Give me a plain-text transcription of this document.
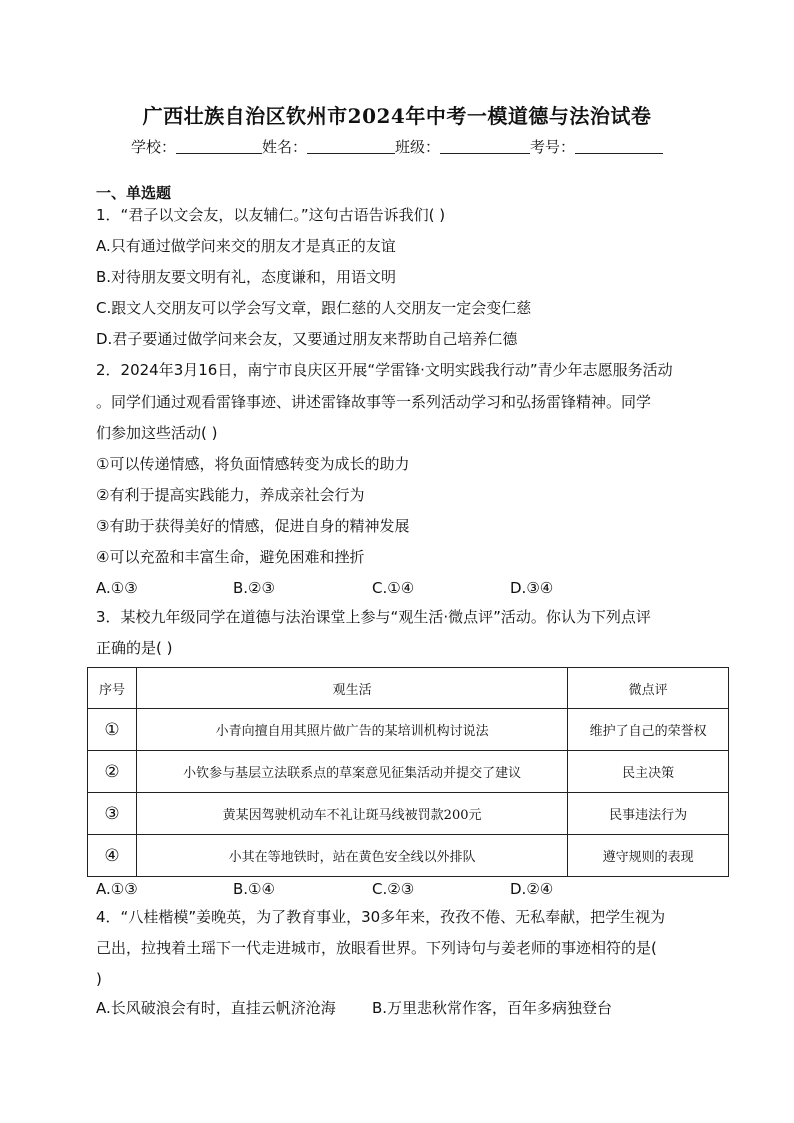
广西壮族自治区钦州市2024年中考一模道德与法治试卷
学校：	姓名：	班级：	考号：
一、单选题
1．“君子以文会友，以友辅仁。”这句古语告诉我们( )
A.只有通过做学问来交的朋友才是真正的友谊
B.对待朋友要文明有礼，态度谦和，用语文明
C.跟文人交朋友可以学会写文章，跟仁慈的人交朋友一定会变仁慈
D.君子要通过做学问来会友，又要通过朋友来帮助自己培养仁德
2．2024年3月16日，南宁市良庆区开展“学雷锋·文明实践我行动”青少年志愿服务活动
。同学们通过观看雷锋事迹、讲述雷锋故事等一系列活动学习和弘扬雷锋精神。同学
们参加这些活动( )
①可以传递情感，将负面情感转变为成长的助力
②有利于提高实践能力，养成亲社会行为
③有助于获得美好的情感，促进自身的精神发展
④可以充盈和丰富生命，避免困难和挫折
A.①③	B.②③	C.①④	D.③④
3．某校九年级同学在道德与法治课堂上参与“观生活·微点评”活动。你认为下列点评
正确的是( )
序号	观生活	微点评
①	小青向擅自用其照片做广告的某培训机构讨说法	维护了自己的荣誉权
②	小钦参与基层立法联系点的草案意见征集活动并提交了建议	民主决策
③	黄某因驾驶机动车不礼让斑马线被罚款200元	民事违法行为
④	小其在等地铁时，站在黄色安全线以外排队	遵守规则的表现
A.①③	B.①④	C.②③	D.②④
4．“八桂楷模”姜晚英，为了教育事业，30多年来，孜孜不倦、无私奉献，把学生视为
己出，拉拽着土瑶下一代走进城市，放眼看世界。下列诗句与姜老师的事迹相符的是(
)
A.长风破浪会有时，直挂云帆济沧海 B.万里悲秋常作客，百年多病独登台
